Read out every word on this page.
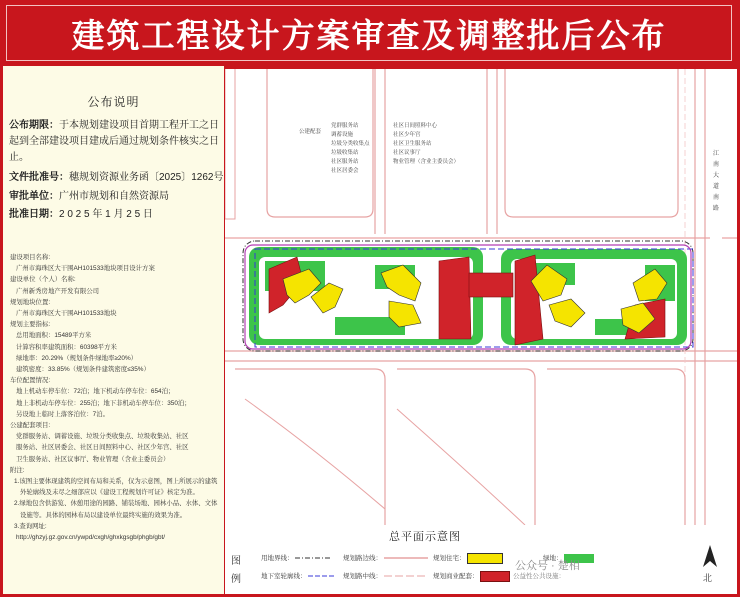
建筑工程设计方案审查及调整批后公布
公布说明
公布期限：于本规划建设项目首期工程开工之日起到全部建设项目建成后通过规划条件核实之日止。
文件批准号：穗规划资源业务函〔2025〕1262号
审批单位：广州市规划和自然资源局
批准日期：2 0 2 5 年 1 月 2 5 日
建设项目名称:
广州市海珠区大干围AH101533地块项目设计方案
建设单位（个人）名称:
广州新秀房地产开发有限公司
规划地块位置:
广州市海珠区大干围AH101533地块
规划主要指标:
总用地面积：15489平方米
计算容积率建筑面积：60398平方米
绿地率：20.29%（规划条件绿地率≥20%）
建筑密度：33.85%（规划条件建筑密度≤35%）
车位配置情况:
地上机动车停车位：72泊；地下机动车停车位：654泊；
地上非机动车停车位：255泊；地下非机动车停车位：350泊；
另设地上临时上落客泊位：7泊。
公建配套项目:
党群服务站、调蓄设施、垃圾分类收集点、垃圾收集站、社区
服务站、社区居委会、社区日间照料中心、社区少年宫、社区
卫生服务站、社区议事厅、物业管理（含业主委员会）
附注:
1.该图主要体现建筑的空间布局和关系，仅为示意图，图上所展示的建筑外轮廓线及未尽之细部应以《建设工程规划许可证》核定为准。
2.绿地包含供游览、休憩用途的园路、铺装场地、园林小品、水体、文体设施等。具体的园林布局以建设单位最终实施的效果为准。
3.查询网址:
http://ghzyj.gz.gov.cn/ywpd/cxgh/ghxkgsgb/phgb/gbt/
公建配套
党群服务站
调蓄设施
垃圾分类收集点
垃圾收集站
社区服务站
社区居委会
社区日间照料中心
社区少年宫
社区卫生服务站
社区议事厅
物业管理（含业主委员会）
江南大道南路
总平面示意图
图
例
用地界线：
地下室轮廓线：
规划路边线：
规划路中线：
规划住宅：
规划商业配套：
绿地：
公益性公共设施：
公众号 · 楚相
北
